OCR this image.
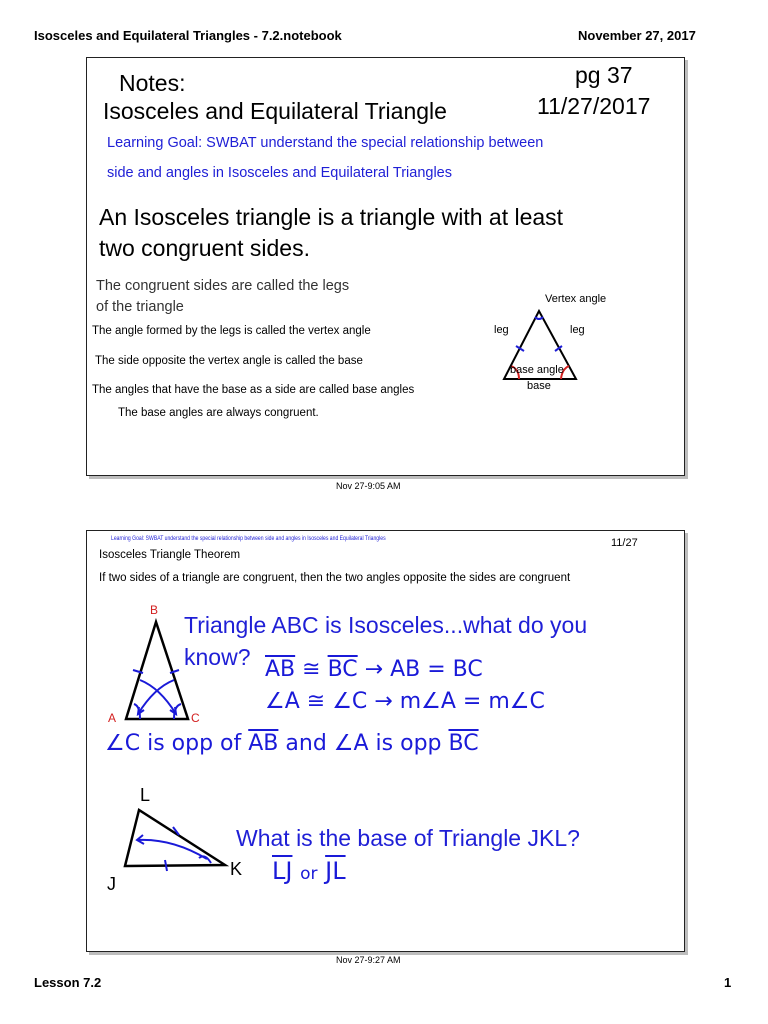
Isosceles and Equilateral Triangles - 7.2.notebook	November 27, 2017
Notes:
Isosceles and Equilateral Triangle
pg 37
11/27/2017
Learning Goal: SWBAT understand the special relationship between
side and angles in Isosceles and Equilateral Triangles
An Isosceles triangle is a triangle with at least
two congruent sides.
The congruent sides are called the legs
of the triangle
The angle formed by the legs is called the vertex angle
The side opposite the vertex angle is called the base
The angles that have the base as a side are called base angles
The base angles are always congruent.
Vertex angle
leg	leg
base angle
base
Nov 27-9:05 AM
Learning Goal: SWBAT understand the special relationship between side and angles in Isosceles and Equilateral Triangles	11/27
Isosceles Triangle Theorem
If two sides of a triangle are congruent, then the two angles opposite the sides are congruent
B
A	C
Triangle ABC is Isosceles...what do you
know? $\overline{AB}$ ≅ $\overline{BC}$ → AB = BC
∠A ≅ ∠C → m∠A = m∠C
∠C is opp of $\overline{AB}$ and ∠A is opp $\overline{BC}$
L
J
K
What is the base of Triangle JKL?
$\overline{LJ}$ or $\overline{JL}$
Nov 27-9:27 AM
Lesson 7.2	1
